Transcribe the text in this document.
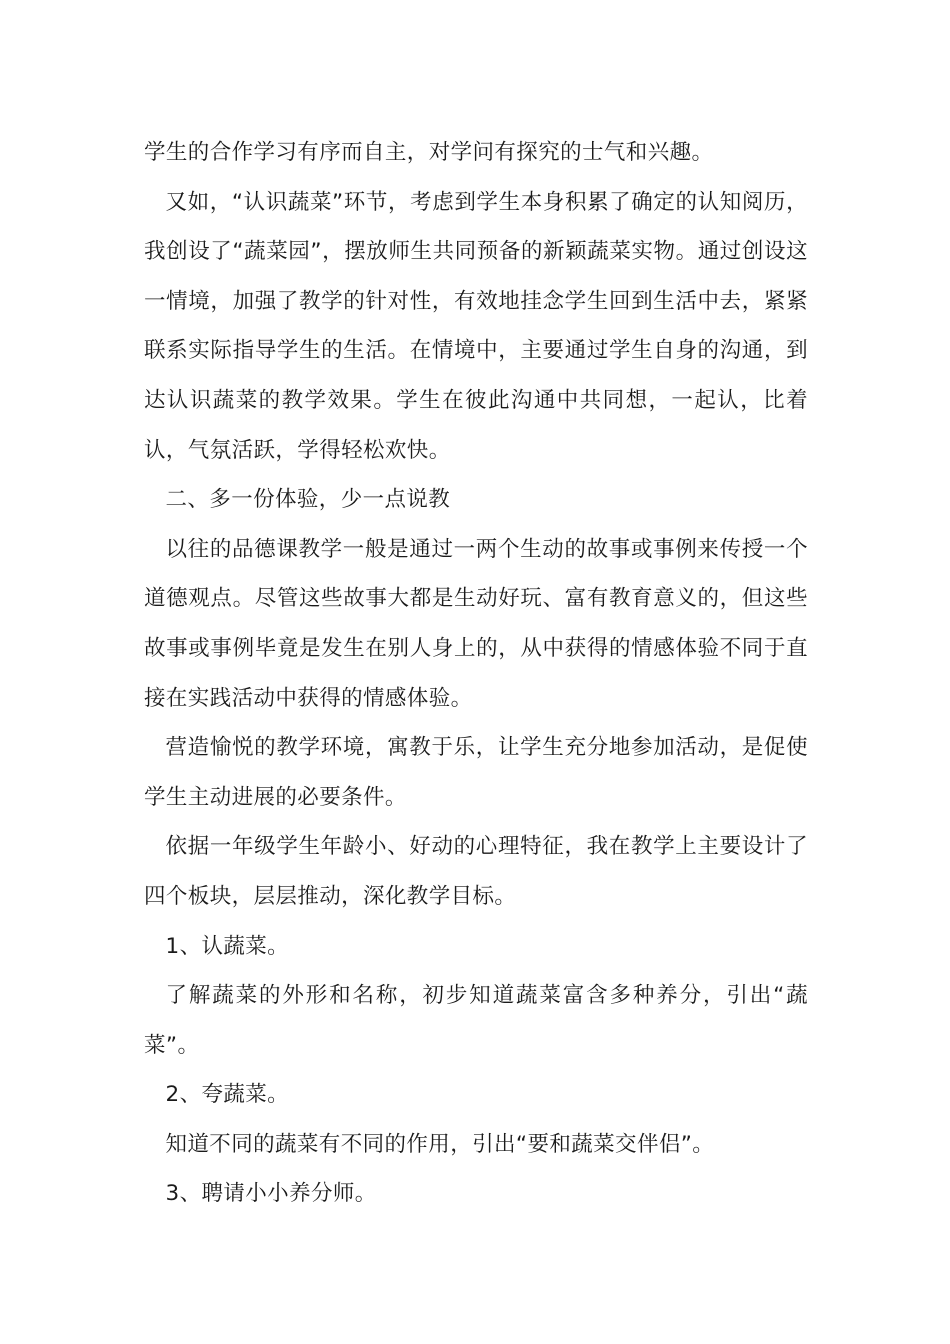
学生的合作学习有序而自主，对学问有探究的士气和兴趣。

又如，“认识蔬菜”环节，考虑到学生本身积累了确定的认知阅历，我创设了“蔬菜园”，摆放师生共同预备的新颖蔬菜实物。通过创设这一情境，加强了教学的针对性，有效地挂念学生回到生活中去，紧紧联系实际指导学生的生活。在情境中，主要通过学生自身的沟通，到达认识蔬菜的教学效果。学生在彼此沟通中共同想，一起认，比着认，气氛活跃，学得轻松欢快。

二、多一份体验，少一点说教

以往的品德课教学一般是通过一两个生动的故事或事例来传授一个道德观点。尽管这些故事大都是生动好玩、富有教育意义的，但这些故事或事例毕竟是发生在别人身上的，从中获得的情感体验不同于直接在实践活动中获得的情感体验。

营造愉悦的教学环境，寓教于乐，让学生充分地参加活动，是促使学生主动进展的必要条件。

依据一年级学生年龄小、好动的心理特征，我在教学上主要设计了四个板块，层层推动，深化教学目标。

1、认蔬菜。

了解蔬菜的外形和名称，初步知道蔬菜富含多种养分，引出“蔬菜”。

2、夸蔬菜。

知道不同的蔬菜有不同的作用，引出“要和蔬菜交伴侣”。

3、聘请小小养分师。
